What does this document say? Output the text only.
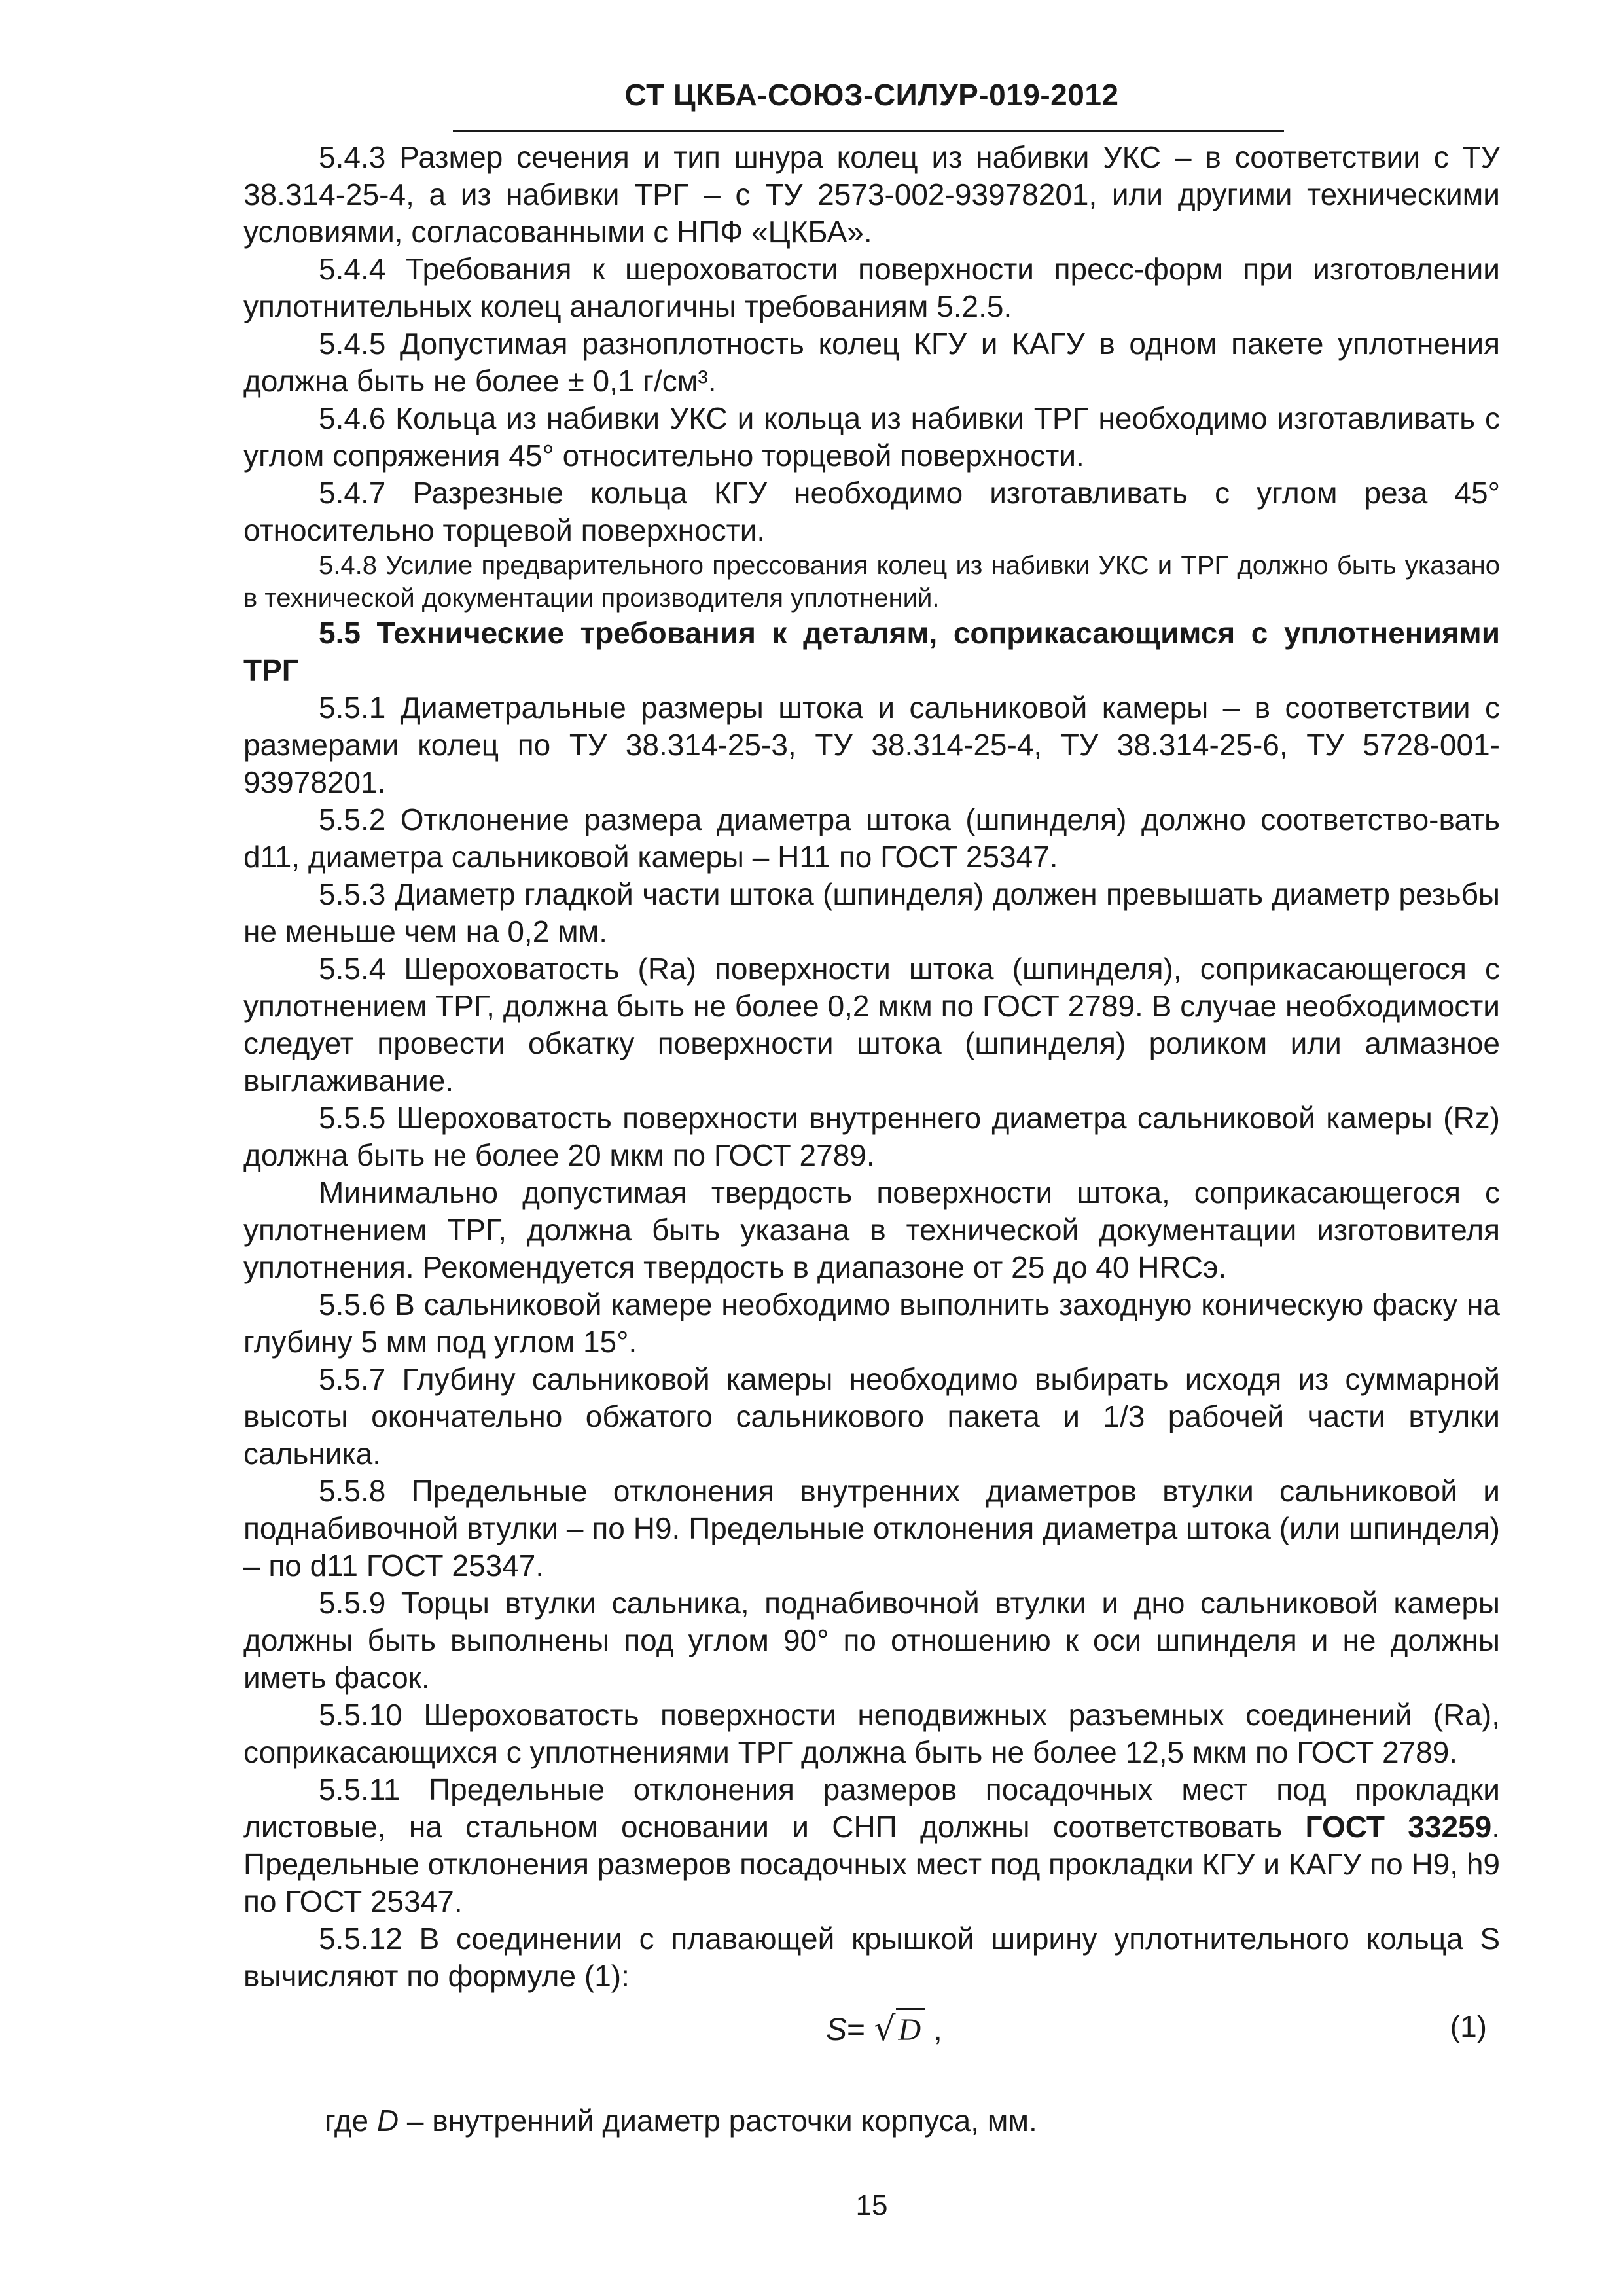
СТ ЦКБА-СОЮЗ-СИЛУР-019-2012

5.4.3 Размер сечения и тип шнура колец из набивки УКС – в соответствии с ТУ 38.314-25-4, а из набивки ТРГ – с ТУ 2573-002-93978201, или другими техническими условиями, согласованными с НПФ «ЦКБА».

5.4.4 Требования к шероховатости поверхности пресс-форм при изготовлении уплотнительных колец аналогичны требованиям 5.2.5.

5.4.5 Допустимая разноплотность колец КГУ и КАГУ в одном пакете уплотнения должна быть не более ± 0,1 г/см³.

5.4.6 Кольца из набивки УКС и кольца из набивки ТРГ необходимо изготавливать с углом сопряжения 45° относительно торцевой поверхности.

5.4.7 Разрезные кольца КГУ необходимо изготавливать с углом реза 45° относительно торцевой поверхности.

5.4.8 Усилие предварительного прессования колец из набивки УКС и ТРГ должно быть указано в технической документации производителя уплотнений.

5.5 Технические требования к деталям, соприкасающимся с уплотнениями ТРГ

5.5.1 Диаметральные размеры штока и сальниковой камеры – в соответствии с размерами колец по ТУ 38.314-25-3, ТУ 38.314-25-4, ТУ 38.314-25-6, ТУ 5728-001-93978201.

5.5.2 Отклонение размера диаметра штока (шпинделя) должно соответство-вать d11, диаметра сальниковой камеры – H11 по ГОСТ 25347.

5.5.3 Диаметр гладкой части штока (шпинделя) должен превышать диаметр резьбы не меньше чем на 0,2 мм.

5.5.4 Шероховатость (Ra) поверхности штока (шпинделя), соприкасающегося с уплотнением ТРГ, должна быть не более 0,2 мкм по ГОСТ 2789. В случае необходимости следует провести обкатку поверхности штока (шпинделя) роликом или алмазное выглаживание.

5.5.5 Шероховатость поверхности внутреннего диаметра сальниковой камеры (Rz) должна быть не более 20 мкм по ГОСТ 2789.

Минимально допустимая твердость поверхности штока, соприкасающегося с уплотнением ТРГ, должна быть указана в технической документации изготовителя уплотнения. Рекомендуется твердость в диапазоне от 25 до 40 HRCэ.

5.5.6 В сальниковой камере необходимо выполнить заходную коническую фаску на глубину 5 мм под углом 15°.

5.5.7 Глубину сальниковой камеры необходимо выбирать исходя из суммарной высоты окончательно обжатого сальникового пакета и 1/3 рабочей части втулки сальника.

5.5.8 Предельные отклонения внутренних диаметров втулки сальниковой и поднабивочной втулки – по H9. Предельные отклонения диаметра штока (или шпинделя) – по d11 ГОСТ 25347.

5.5.9 Торцы втулки сальника, поднабивочной втулки и дно сальниковой камеры должны быть выполнены под углом 90° по отношению к оси шпинделя и не должны иметь фасок.

5.5.10 Шероховатость поверхности неподвижных разъемных соединений (Ra), соприкасающихся с уплотнениями ТРГ должна быть не более 12,5 мкм по ГОСТ 2789.

5.5.11 Предельные отклонения размеров посадочных мест под прокладки листовые, на стальном основании и СНП должны соответствовать ГОСТ 33259. Предельные отклонения размеров посадочных мест под прокладки КГУ и КАГУ по H9, h9 по ГОСТ 25347.

5.5.12 В соединении с плавающей крышкой ширину уплотнительного кольца S вычисляют по формуле (1):

S= √D ,	(1)
где D – внутренний диаметр расточки корпуса, мм.
15
